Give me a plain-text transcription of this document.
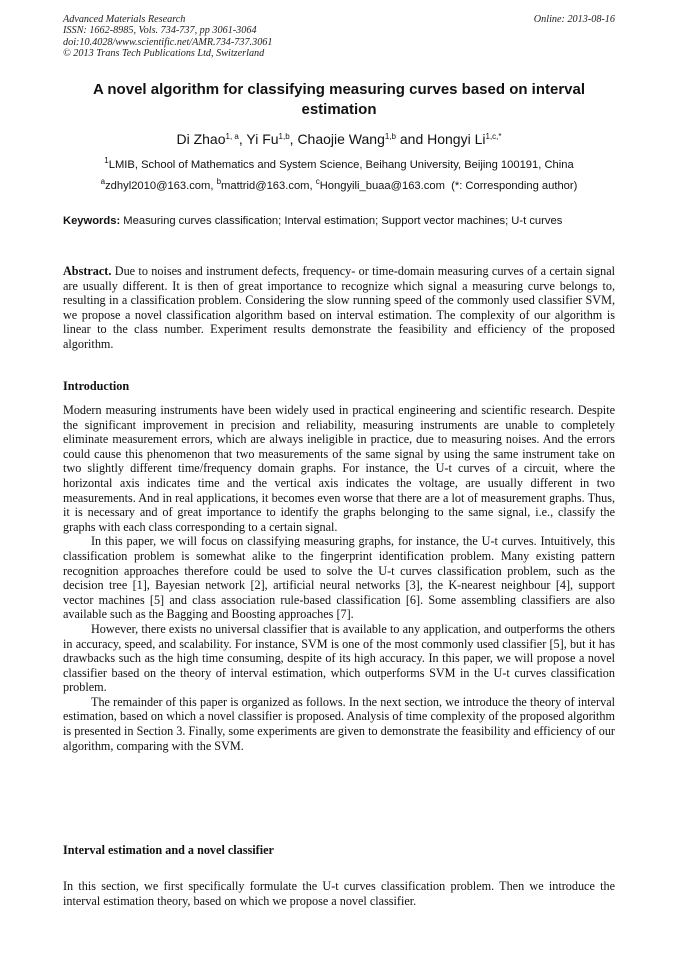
Advanced Materials Research
ISSN: 1662-8985, Vols. 734-737, pp 3061-3064
doi:10.4028/www.scientific.net/AMR.734-737.3061
© 2013 Trans Tech Publications Ltd, Switzerland
Online: 2013-08-16
A novel algorithm for classifying measuring curves based on interval estimation
Di Zhao$^{1, a}$, Yi Fu$^{1,b}$, Chaojie Wang$^{1,b}$ and Hongyi $Li^{1,c,*}$
$^1$LMIB, School of Mathematics and System Science, Beihang University, Beijing 100191, China
$^a$zdhyl2010@163.com, $^b$mattrid@163.com, $^c$Hongyili_buaa@163.com (*: Corresponding author)
Keywords: Measuring curves classification; Interval estimation; Support vector machines; U-t curves
Abstract. Due to noises and instrument defects, frequency- or time-domain measuring curves of a certain signal are usually different. It is then of great importance to recognize which signal a measuring curve belongs to, resulting in a classification problem. Considering the slow running speed of the commonly used classifier SVM, we propose a novel classification algorithm based on interval estimation. The complexity of our algorithm is linear to the class number. Experiment results demonstrate the feasibility and efficiency of the proposed algorithm.
Introduction

Modern measuring instruments have been widely used in practical engineering and scientific research. Despite the significant improvement in precision and reliability, measuring instruments are unable to completely eliminate measurement errors, which are always ineligible in practice, due to measuring noises. And the errors could cause this phenomenon that two measurements of the same signal by using the same instrument take on two slightly different time/frequency domain graphs. For instance, the U-t curves of a circuit, where the horizontal axis indicates time and the vertical axis indicates the voltage, are usually different in two measurements. And in real applications, it becomes even worse that there are a lot of measurement graphs. Thus, it is necessary and of great importance to identify the graphs belonging to the same signal, i.e., classify the graphs with each class corresponding to a certain signal.

In this paper, we will focus on classifying measuring graphs, for instance, the U-t curves. Intuitively, this classification problem is somewhat alike to the fingerprint identification problem. Many existing pattern recognition approaches therefore could be used to solve the U-t curves classification problem, such as the decision tree [1], Bayesian network [2], artificial neural networks [3], the K-nearest neighbour [4], support vector machines [5] and class association rule-based classification [6]. Some assembling classifiers are also available such as the Bagging and Boosting approaches [7].

However, there exists no universal classifier that is available to any application, and outperforms the others in accuracy, speed, and scalability. For instance, SVM is one of the most commonly used classifier [5], but it has drawbacks such as the high time consuming, despite of its high accuracy. In this paper, we will propose a novel classifier based on the theory of interval estimation, which outperforms SVM in the U-t curves classification problem.

The remainder of this paper is organized as follows. In the next section, we introduce the theory of interval estimation, based on which a novel classifier is proposed. Analysis of time complexity of the proposed algorithm is presented in Section 3. Finally, some experiments are given to demonstrate the feasibility and efficiency of our algorithm, comparing with the SVM.

Interval estimation and a novel classifier
In this section, we first specifically formulate the U-t curves classification problem. Then we introduce the interval estimation theory, based on which we propose a novel classifier.
